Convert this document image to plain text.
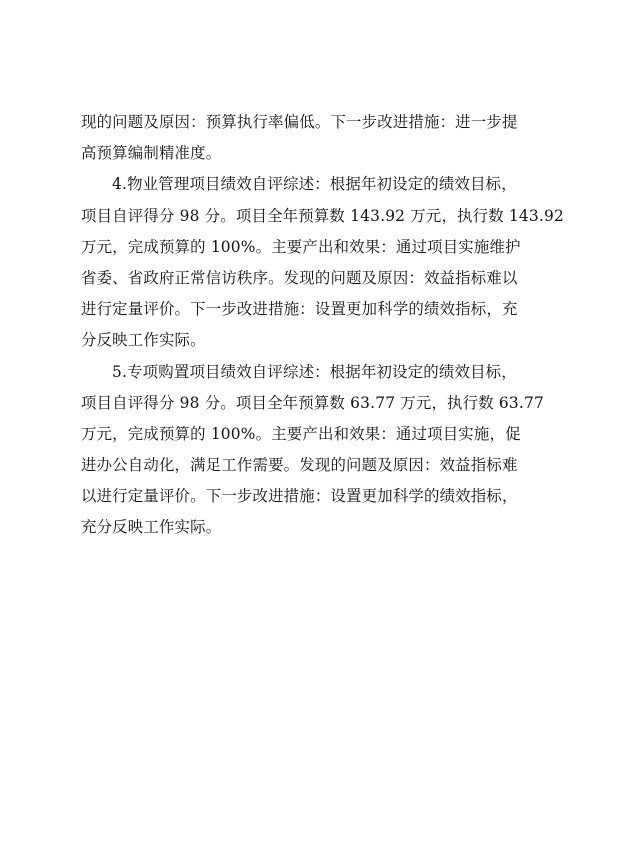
现的问题及原因：预算执行率偏低。下一步改进措施：进一步提
高预算编制精准度。
4.物业管理项目绩效自评综述：根据年初设定的绩效目标，
项目自评得分 98 分。项目全年预算数 143.92 万元，执行数 143.92
万元，完成预算的 100%。主要产出和效果：通过项目实施维护
省委、省政府正常信访秩序。发现的问题及原因：效益指标难以
进行定量评价。下一步改进措施：设置更加科学的绩效指标，充
分反映工作实际。
5.专项购置项目绩效自评综述：根据年初设定的绩效目标，
项目自评得分 98 分。项目全年预算数 63.77 万元，执行数 63.77
万元，完成预算的 100%。主要产出和效果：通过项目实施，促
进办公自动化，满足工作需要。发现的问题及原因：效益指标难
以进行定量评价。下一步改进措施：设置更加科学的绩效指标，
充分反映工作实际。
